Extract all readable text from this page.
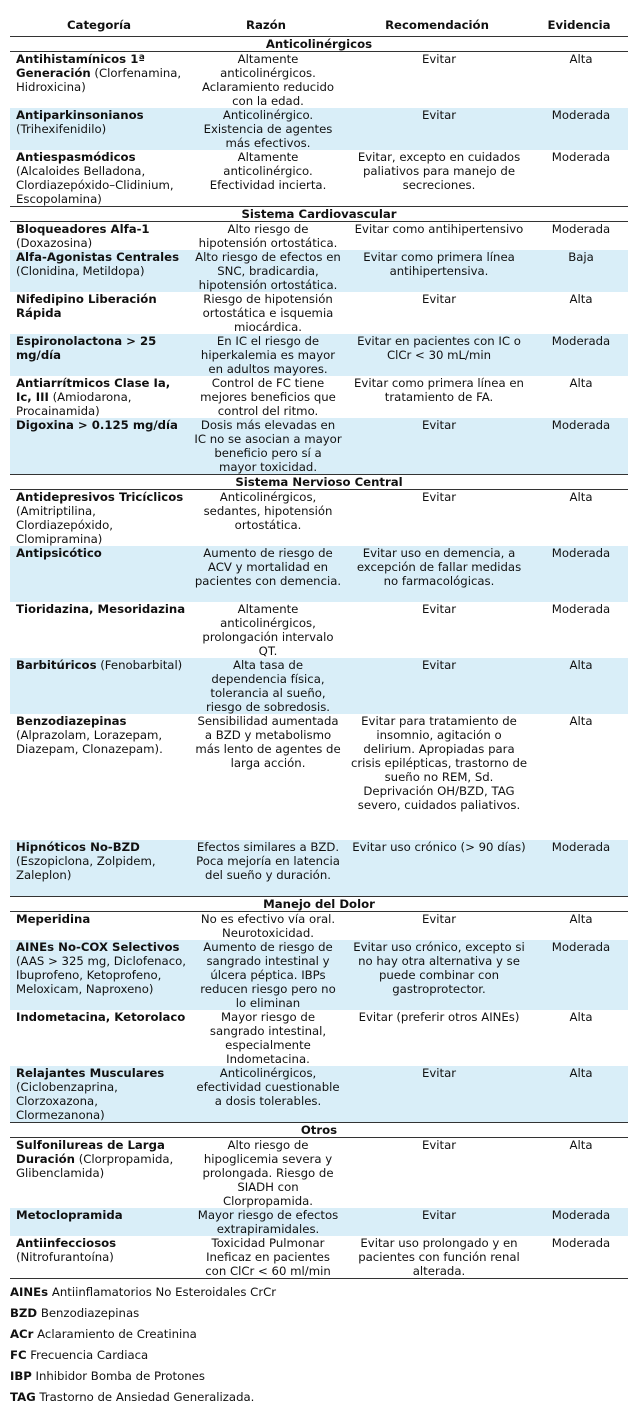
Categoría	Razón	Recomendación	Evidencia
Anticolinérgicos			
Antihistamínicos 1ª Generación (Clorfenamina, Hidroxicina)	Altamente anticolinérgicos. Aclaramiento reducido con la edad.	Evitar	Alta
Antiparkinsonianos (Trihexifenidilo)	Anticolinérgico. Existencia de agentes más efectivos.	Evitar	Moderada
Antiespasmódicos (Alcaloides Belladona, Clordiazepóxido–Clidinium, Escopolamina)	Altamente anticolinérgico. Efectividad incierta.	Evitar, excepto en cuidados paliativos para manejo de secreciones.	Moderada
Sistema Cardiovascular			
Bloqueadores Alfa-1 (Doxazosina)	Alto riesgo de hipotensión ortostática.	Evitar como antihipertensivo	Moderada
Alfa-Agonistas Centrales (Clonidina, Metildopa)	Alto riesgo de efectos en SNC, bradicardia, hipotensión ortostática.	Evitar como primera línea antihipertensiva.	Baja
Nifedipino Liberación Rápida	Riesgo de hipotensión ortostática e isquemia miocárdica.	Evitar	Alta
Espironolactona > 25 mg/día	En IC el riesgo de hiperkalemia es mayor en adultos mayores.	Evitar en pacientes con IC o ClCr < 30 mL/min	Moderada
Antiarrítmicos Clase Ia, Ic, III (Amiodarona, Procainamida)	Control de FC tiene mejores beneficios que control del ritmo.	Evitar como primera línea en tratamiento de FA.	Alta
Digoxina > 0.125 mg/día	Dosis más elevadas en IC no se asocian a mayor beneficio pero sí a mayor toxicidad.	Evitar	Moderada
Sistema Nervioso Central			
Antidepresivos Tricíclicos (Amitriptilina, Clordiazepóxido, Clomipramina)	Anticolinérgicos, sedantes, hipotensión ortostática.	Evitar	Alta
Antipsicótico	Aumento de riesgo de ACV y mortalidad en pacientes con demencia.	Evitar uso en demencia, a excepción de fallar medidas no farmacológicas.	Moderada
Tioridazina, Mesoridazina	Altamente anticolinérgicos, prolongación intervalo QT.	Evitar	Moderada
Barbitúricos (Fenobarbital)	Alta tasa de dependencia física, tolerancia al sueño, riesgo de sobredosis.	Evitar	Alta
Benzodiazepinas (Alprazolam, Lorazepam, Diazepam, Clonazepam).	Sensibilidad aumentada a BZD y metabolismo más lento de agentes de larga acción.	Evitar para tratamiento de insomnio, agitación o delirium. Apropiadas para crisis epilépticas, trastorno de sueño no REM, Sd. Deprivación OH/BZD, TAG severo, cuidados paliativos.	Alta
Hipnóticos No-BZD (Eszopiclona, Zolpidem, Zaleplon)	Efectos similares a BZD. Poca mejoría en latencia del sueño y duración.	Evitar uso crónico (> 90 días)	Moderada
Manejo del Dolor			
Meperidina	No es efectivo vía oral. Neurotoxicidad.	Evitar	Alta
AINEs No-COX Selectivos (AAS > 325 mg, Diclofenaco, Ibuprofeno, Ketoprofeno, Meloxicam, Naproxeno)	Aumento de riesgo de sangrado intestinal y úlcera péptica. IBPs reducen riesgo pero no lo eliminan	Evitar uso crónico, excepto si no hay otra alternativa y se puede combinar con gastroprotector.	Moderada
Indometacina, Ketorolaco	Mayor riesgo de sangrado intestinal, especialmente Indometacina.	Evitar (preferir otros AINEs)	Alta
Relajantes Musculares (Ciclobenzaprina, Clorzoxazona, Clormezanona)	Anticolinérgicos, efectividad cuestionable a dosis tolerables.	Evitar	Alta
Otros			
Sulfonilureas de Larga Duración (Clorpropamida, Glibenclamida)	Alto riesgo de hipoglicemia severa y prolongada. Riesgo de SIADH con Clorpropamida.	Evitar	Alta
Metoclopramida	Mayor riesgo de efectos extrapiramidales.	Evitar	Moderada
Antiinfecciosos (Nitrofurantoína)	Toxicidad Pulmonar Ineficaz en pacientes con ClCr < 60 ml/min	Evitar uso prolongado y en pacientes con función renal alterada.	Moderada
AINEs Antiinflamatorios No Esteroidales CrCr
BZD Benzodiazepinas
ACr Aclaramiento de Creatinina
FC Frecuencia Cardiaca
IBP Inhibidor Bomba de Protones
TAG Trastorno de Ansiedad Generalizada.
